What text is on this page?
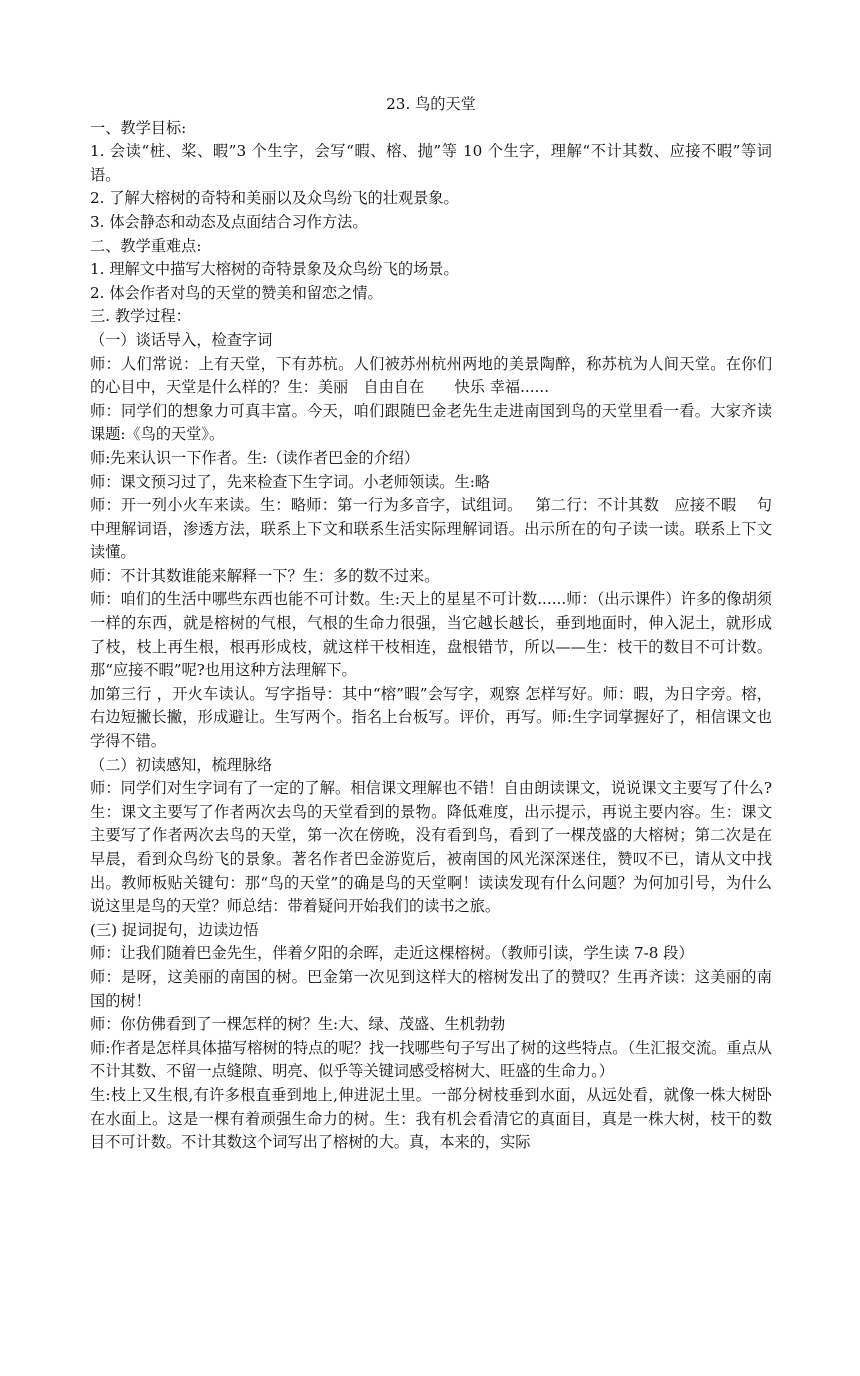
23. 鸟的天堂

一、教学目标:

1. 会读“桩、桨、暇”3 个生字，会写“暇、榕、抛”等 10 个生字，理解“不计其数、应接不暇”等词语。

2. 了解大榕树的奇特和美丽以及众鸟纷飞的壮观景象。

3. 体会静态和动态及点面结合习作方法。

二、教学重难点:

1. 理解文中描写大榕树的奇特景象及众鸟纷飞的场景。

2. 体会作者对鸟的天堂的赞美和留恋之情。

三. 教学过程：

（一）谈话导入，检查字词

师：人们常说：上有天堂，下有苏杭。人们被苏州杭州两地的美景陶醉，称苏杭为人间天堂。在你们的心目中，天堂是什么样的？生：美丽　自由自在　　快乐 幸福......

师：同学们的想象力可真丰富。今天，咱们跟随巴金老先生走进南国到鸟的天堂里看一看。大家齐读课题:《鸟的天堂》。

师:先来认识一下作者。生:（读作者巴金的介绍）

师：课文预习过了，先来检查下生字词。小老师领读。生:略

师：开一列小火车来读。生：略师：第一行为多音字，试组词。　 第二行：不计其数　应接不暇　 句中理解词语，渗透方法，联系上下文和联系生活实际理解词语。出示所在的句子读一读。联系上下文读懂。

师：不计其数谁能来解释一下？生：多的数不过来。

师：咱们的生活中哪些东西也能不可计数。生:天上的星星不可计数......师：（出示课件）许多的像胡须一样的东西，就是榕树的气根，气根的生命力很强，当它越长越长，垂到地面时，伸入泥土，就形成了枝，枝上再生根，根再形成枝，就这样干枝相连，盘根错节，所以——生：枝干的数目不可计数。那“应接不暇”呢?也用这种方法理解下。

加第三行 ，开火车读认。写字指导：其中“榕”暇”会写字，观察 怎样写好。师：暇，为日字旁。榕，右边短撇长撇，形成避让。生写两个。指名上台板写。评价，再写。师:生字词掌握好了，相信课文也学得不错。

（二）初读感知，梳理脉络

师：同学们对生字词有了一定的了解。相信课文理解也不错！自由朗读课文，说说课文主要写了什么?生：课文主要写了作者两次去鸟的天堂看到的景物。降低难度，出示提示，再说主要内容。生：课文主要写了作者两次去鸟的天堂，第一次在傍晚，没有看到鸟，看到了一棵茂盛的大榕树；第二次是在早晨，看到众鸟纷飞的景象。著名作者巴金游览后，被南国的风光深深迷住，赞叹不已，请从文中找出。教师板贴关键句：那“鸟的天堂”的确是鸟的天堂啊！读读发现有什么问题？为何加引号，为什么说这里是鸟的天堂？师总结：带着疑问开始我们的读书之旅。

(三) 捉词捉句，边读边悟

师：让我们随着巴金先生，伴着夕阳的余晖，走近这棵榕树。（教师引读，学生读 7-8 段）

师：是呀，这美丽的南国的树。巴金第一次见到这样大的榕树发出了的赞叹？生再齐读：这美丽的南国的树！

师：你仿佛看到了一棵怎样的树？生:大、绿、茂盛、生机勃勃

师:作者是怎样具体描写榕树的特点的呢？找一找哪些句子写出了树的这些特点。（生汇报交流。重点从不计其数、不留一点缝隙、明亮、似乎等关键词感受榕树大、旺盛的生命力。）

生:枝上又生根,有许多根直垂到地上,伸进泥土里。一部分树枝垂到水面，从远处看，就像一株大树卧在水面上。这是一棵有着顽强生命力的树。生：我有机会看清它的真面目，真是一株大树，枝干的数目不可计数。不计其数这个词写出了榕树的大。真，本来的，实际
